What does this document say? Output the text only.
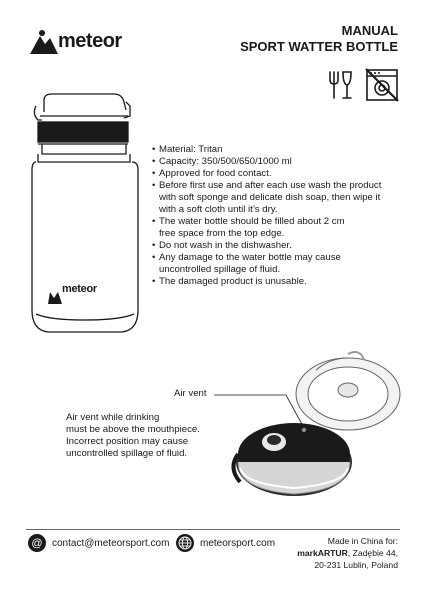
meteor	MANUAL
SPORT WATTER BOTTLE
meteor
• Material: Tritan
• Capacity: 350/500/650/1000 ml
• Approved for food contact.
• Before first use and after each use wash the product
with soft sponge and delicate dish soap, then wipe it
with a soft cloth until it’s dry.
• The water bottle should be filled about 2 cm
free space from the top edge.
• Do not wash in the dishwasher.
• Any damage to the water bottle may cause
uncontrolled spillage of fluid.
• The damaged product is unusable.
Air vent
Air vent while drinking
must be above the mouthpiece.
Incorrect position may cause
uncontrolled spillage of fluid.
@ contact@meteorsport.com	meteorsport.com	Made in China for:
markARTUR, Zadębie 44,
20-231 Lublin, Poland
